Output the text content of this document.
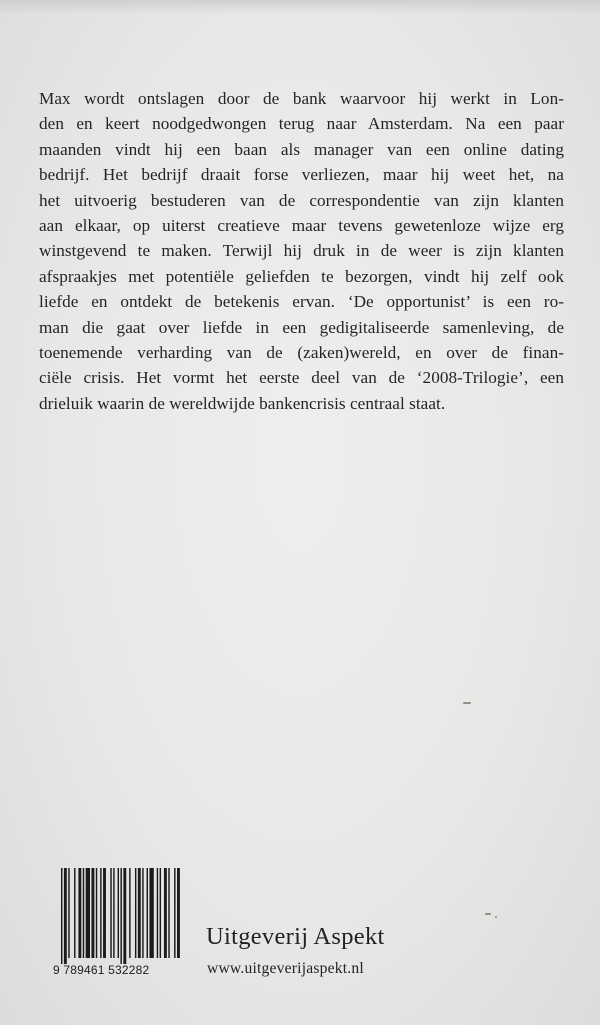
Max wordt ontslagen door de bank waarvoor hij werkt in Lon-
den en keert noodgedwongen terug naar Amsterdam. Na een paar
maanden vindt hij een baan als manager van een online dating
bedrijf. Het bedrijf draait forse verliezen, maar hij weet het, na
het uitvoerig bestuderen van de correspondentie van zijn klanten
aan elkaar, op uiterst creatieve maar tevens gewetenloze wijze erg
winstgevend te maken. Terwijl hij druk in de weer is zijn klanten
afspraakjes met potentiële geliefden te bezorgen, vindt hij zelf ook
liefde en ontdekt de betekenis ervan. ‘De opportunist’ is een ro-
man die gaat over liefde in een gedigitaliseerde samenleving, de
toenemende verharding van de (zaken)wereld, en over de finan-
ciële crisis. Het vormt het eerste deel van de ‘2008-Trilogie’, een
drieluik waarin de wereldwijde bankencrisis centraal staat.
9 789461 532282
Uitgeverij Aspekt
www.uitgeverijaspekt.nl
